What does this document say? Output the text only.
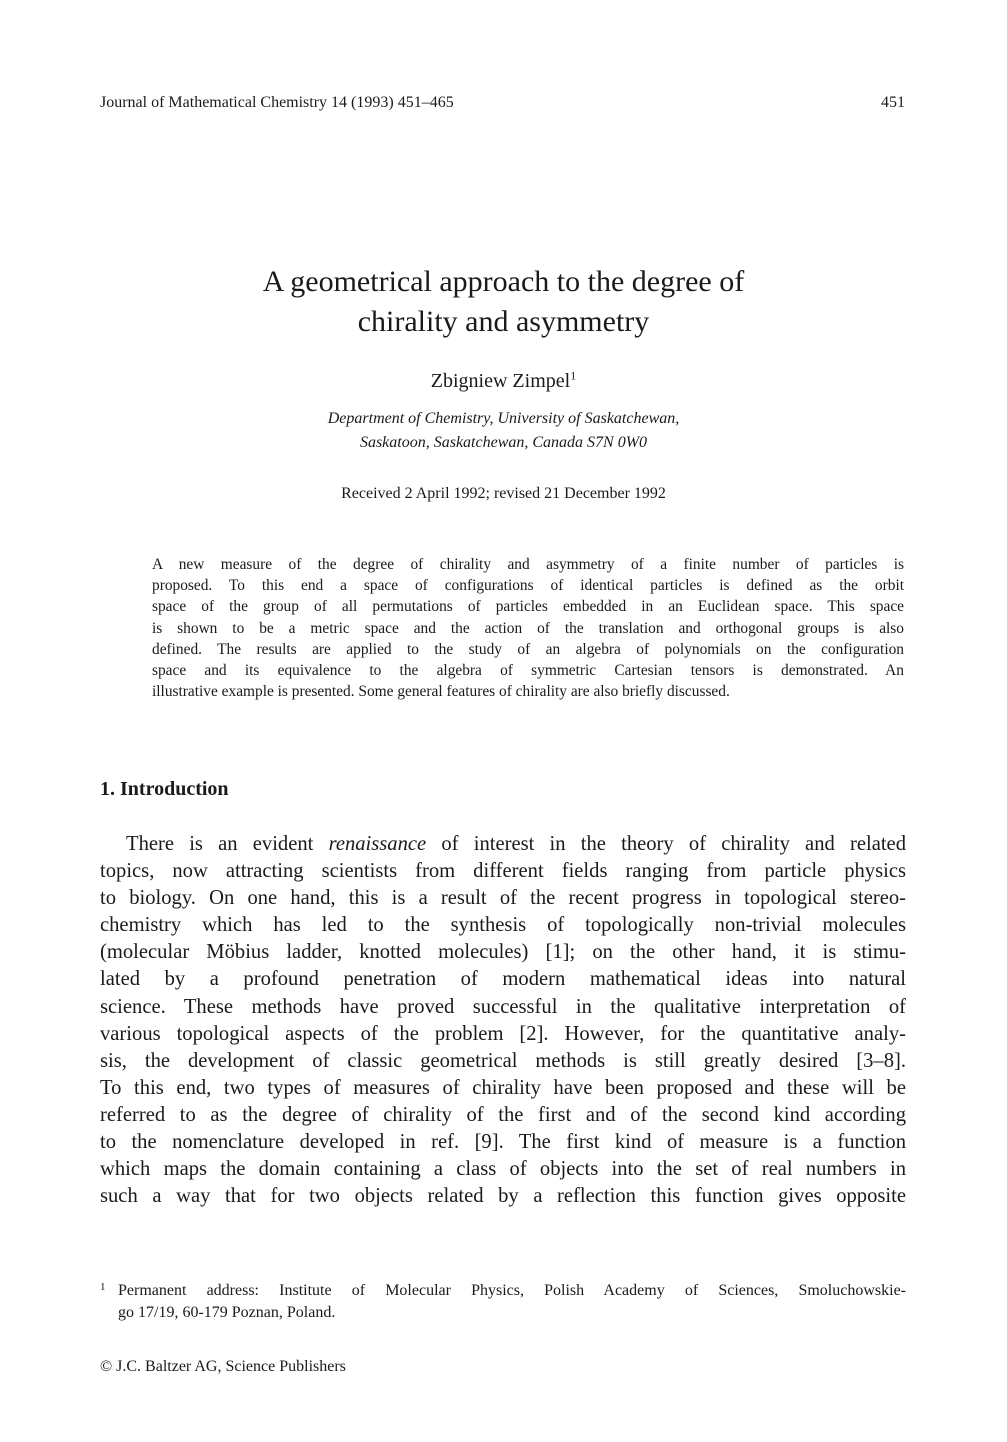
Journal of Mathematical Chemistry 14 (1993) 451–465	451
A geometrical approach to the degree of
chirality and asymmetry
Zbigniew Zimpel$^1$
Department of Chemistry, University of Saskatchewan,
Saskatoon, Saskatchewan, Canada S7N 0W0
Received 2 April 1992; revised 21 December 1992
A new measure of the degree of chirality and asymmetry of a finite number of particles is
proposed. To this end a space of configurations of identical particles is defined as the orbit
space of the group of all permutations of particles embedded in an Euclidean space. This space
is shown to be a metric space and the action of the translation and orthogonal groups is also
defined. The results are applied to the study of an algebra of polynomials on the configuration
space and its equivalence to the algebra of symmetric Cartesian tensors is demonstrated. An
illustrative example is presented. Some general features of chirality are also briefly discussed.
1. Introduction
There is an evident renaissance of interest in the theory of chirality and related
topics, now attracting scientists from different fields ranging from particle physics
to biology. On one hand, this is a result of the recent progress in topological stereo-
chemistry which has led to the synthesis of topologically non-trivial molecules
(molecular Möbius ladder, knotted molecules) [1]; on the other hand, it is stimu-
lated by a profound penetration of modern mathematical ideas into natural
science. These methods have proved successful in the qualitative interpretation of
various topological aspects of the problem [2]. However, for the quantitative analy-
sis, the development of classic geometrical methods is still greatly desired [3–8].
To this end, two types of measures of chirality have been proposed and these will be
referred to as the degree of chirality of the first and of the second kind according
to the nomenclature developed in ref. [9]. The first kind of measure is a function
which maps the domain containing a class of objects into the set of real numbers in
such a way that for two objects related by a reflection this function gives opposite
1 Permanent address: Institute of Molecular Physics, Polish Academy of Sciences, Smoluchowskie-
go 17/19, 60-179 Poznan, Poland.
© J.C. Baltzer AG, Science Publishers
